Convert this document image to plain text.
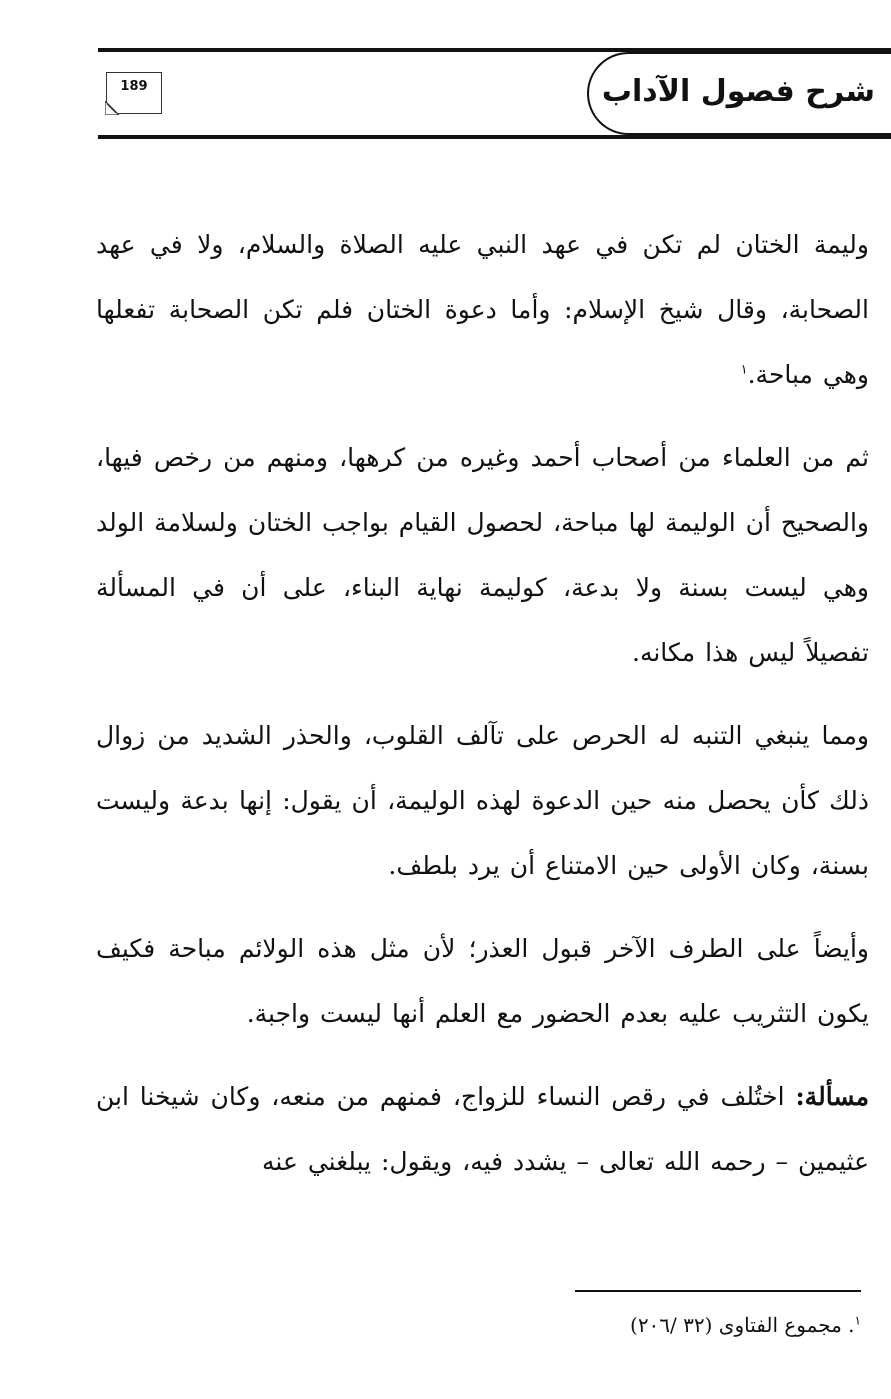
شرح فصول الآداب
189

وليمة الختان لم تكن في عهد النبي عليه الصلاة والسلام، ولا في عهد الصحابة، وقال شيخ الإسلام: وأما دعوة الختان فلم تكن الصحابة تفعلها وهي مباحة.$^١$

ثم من العلماء من أصحاب أحمد وغيره من كرهها، ومنهم من رخص فيها، والصحيح أن الوليمة لها مباحة، لحصول القيام بواجب الختان ولسلامة الولد وهي ليست بسنة ولا بدعة، كوليمة نهاية البناء، على أن في المسألة تفصيلاً ليس هذا مكانه.

ومما ينبغي التنبه له الحرص على تآلف القلوب، والحذر الشديد من زوال ذلك كأن يحصل منه حين الدعوة لهذه الوليمة، أن يقول: إنها بدعة وليست بسنة، وكان الأولى حين الامتناع أن يرد بلطف.

وأيضاً على الطرف الآخر قبول العذر؛ لأن مثل هذه الولائم مباحة فكيف يكون التثريب عليه بعدم الحضور مع العلم أنها ليست واجبة.

مسألة: اختُلف في رقص النساء للزواج، فمنهم من منعه، وكان شيخنا ابن عثيمين – رحمه الله تعالى – يشدد فيه، ويقول: يبلغني عنه

$^١$. مجموع الفتاوى (٣٢ /٢٠٦)
